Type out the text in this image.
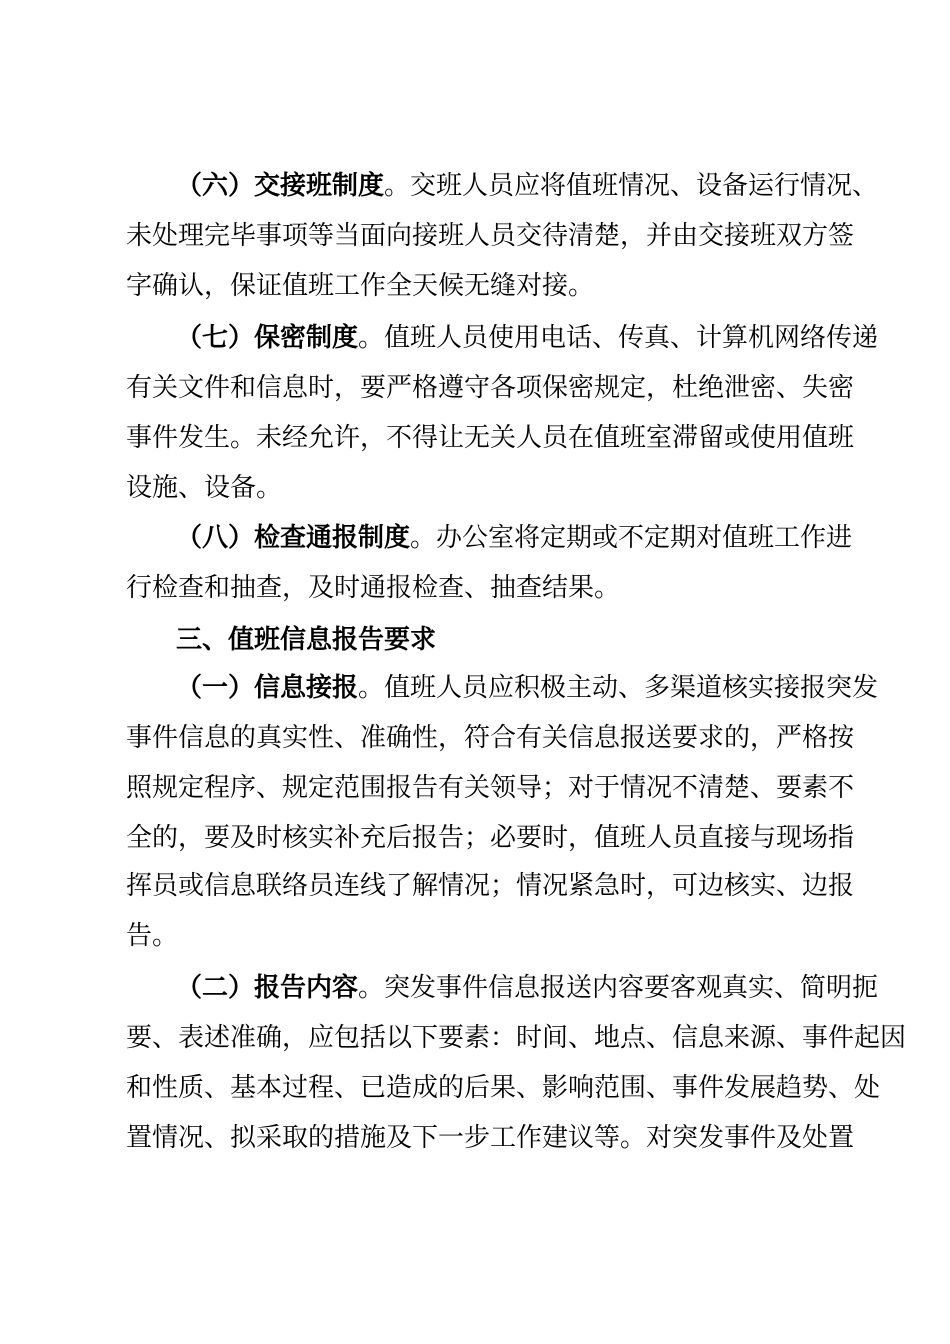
（六）交接班制度。交班人员应将值班情况、设备运行情况、
未处理完毕事项等当面向接班人员交待清楚，并由交接班双方签
字确认，保证值班工作全天候无缝对接。
（七）保密制度。值班人员使用电话、传真、计算机网络传递
有关文件和信息时，要严格遵守各项保密规定，杜绝泄密、失密
事件发生。未经允许，不得让无关人员在值班室滞留或使用值班
设施、设备。
（八）检查通报制度。办公室将定期或不定期对值班工作进
行检查和抽查，及时通报检查、抽查结果。
三、值班信息报告要求
（一）信息接报。值班人员应积极主动、多渠道核实接报突发
事件信息的真实性、准确性，符合有关信息报送要求的，严格按
照规定程序、规定范围报告有关领导；对于情况不清楚、要素不
全的，要及时核实补充后报告；必要时，值班人员直接与现场指
挥员或信息联络员连线了解情况；情况紧急时，可边核实、边报
告。
（二）报告内容。突发事件信息报送内容要客观真实、简明扼
要、表述准确，应包括以下要素：时间、地点、信息来源、事件起因
和性质、基本过程、已造成的后果、影响范围、事件发展趋势、处
置情况、拟采取的措施及下一步工作建议等。对突发事件及处置
